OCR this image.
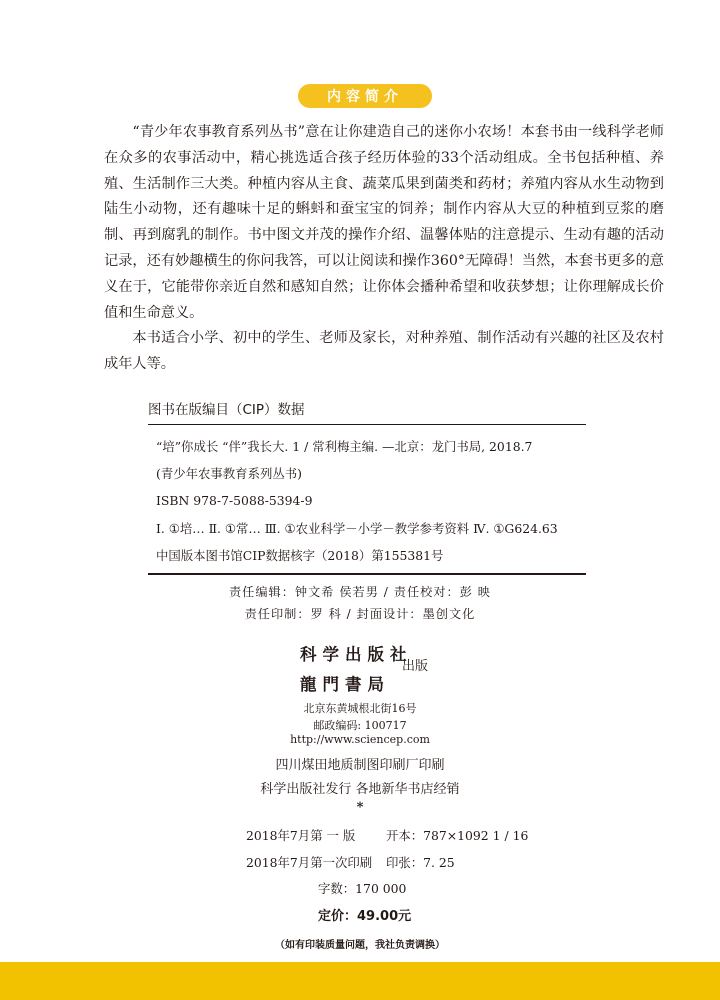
内容简介

“青少年农事教育系列丛书”意在让你建造自己的迷你小农场！本套书由一线科学老师在众多的农事活动中，精心挑选适合孩子经历体验的33个活动组成。全书包括种植、养殖、生活制作三大类。种植内容从主食、蔬菜瓜果到菌类和药材；养殖内容从水生动物到陆生小动物，还有趣味十足的蝌蚪和蚕宝宝的饲养；制作内容从大豆的种植到豆浆的磨制、再到腐乳的制作。书中图文并茂的操作介绍、温馨体贴的注意提示、生动有趣的活动记录，还有妙趣横生的你问我答，可以让阅读和操作360°无障碍！当然，本套书更多的意义在于，它能带你亲近自然和感知自然；让你体会播种希望和收获梦想；让你理解成长价值和生命意义。

本书适合小学、初中的学生、老师及家长，对种养殖、制作活动有兴趣的社区及农村成年人等。

图书在版编目（CIP）数据
“培”你成长 “伴”我长大. 1 / 常利梅主编. —北京：龙门书局, 2018.7
(青少年农事教育系列丛书)
ISBN 978-7-5088-5394-9
Ⅰ. ①培… Ⅱ. ①常… Ⅲ. ①农业科学－小学－教学参考资料 Ⅳ. ①G624.63
中国版本图书馆CIP数据核字（2018）第155381号
责任编辑：钟文希 侯若男 / 责任校对：彭 映
责任印制：罗 科 / 封面设计：墨创文化
科学出版社
龍門書局
出版
北京东黄城根北街16号
邮政编码: 100717
http://www.sciencep.com
四川煤田地质制图印刷厂印刷
科学出版社发行 各地新华书店经销
*
2018年7月第 一 版 开本：787×1092 1 / 16
2018年7月第一次印刷 印张：7. 25
字数：170 000
定价：49.00元
（如有印装质量问题，我社负责调换）
